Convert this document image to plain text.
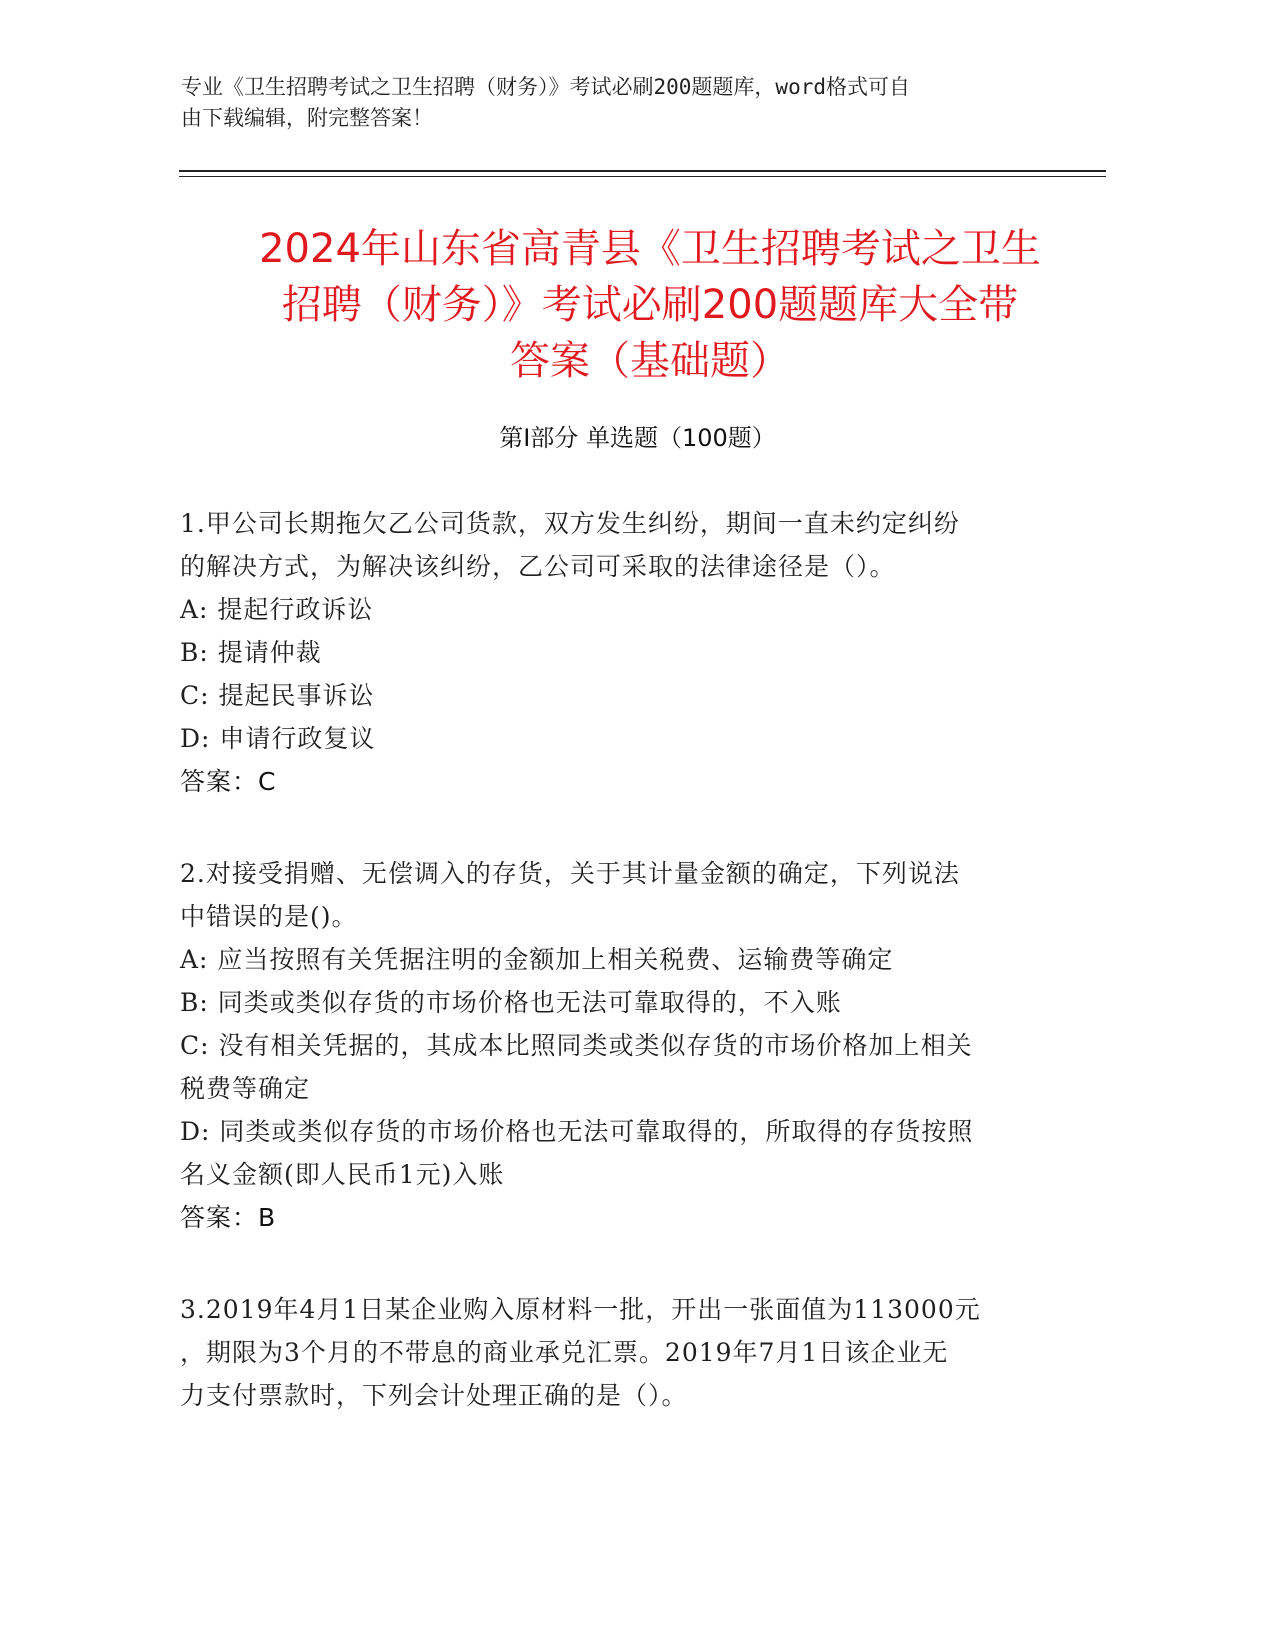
专业《卫生招聘考试之卫生招聘（财务）》考试必刷200题题库，word格式可自
由下载编辑，附完整答案！
2024年山东省高青县《卫生招聘考试之卫生
招聘（财务）》考试必刷200题题库大全带
答案（基础题）
第Ⅰ部分 单选题（100题）
1.甲公司长期拖欠乙公司货款，双方发生纠纷，期间一直未约定纠纷
的解决方式，为解决该纠纷，乙公司可采取的法律途径是（）。
A: 提起行政诉讼
B: 提请仲裁
C: 提起民事诉讼
D: 申请行政复议
答案：C
2.对接受捐赠、无偿调入的存货，关于其计量金额的确定，下列说法
中错误的是()。
A: 应当按照有关凭据注明的金额加上相关税费、运输费等确定
B: 同类或类似存货的市场价格也无法可靠取得的，不入账
C: 没有相关凭据的，其成本比照同类或类似存货的市场价格加上相关
税费等确定
D: 同类或类似存货的市场价格也无法可靠取得的，所取得的存货按照
名义金额(即人民币1元)入账
答案：B
3.2019年4月1日某企业购入原材料一批，开出一张面值为113000元
，期限为3个月的不带息的商业承兑汇票。2019年7月1日该企业无
力支付票款时，下列会计处理正确的是（）。
